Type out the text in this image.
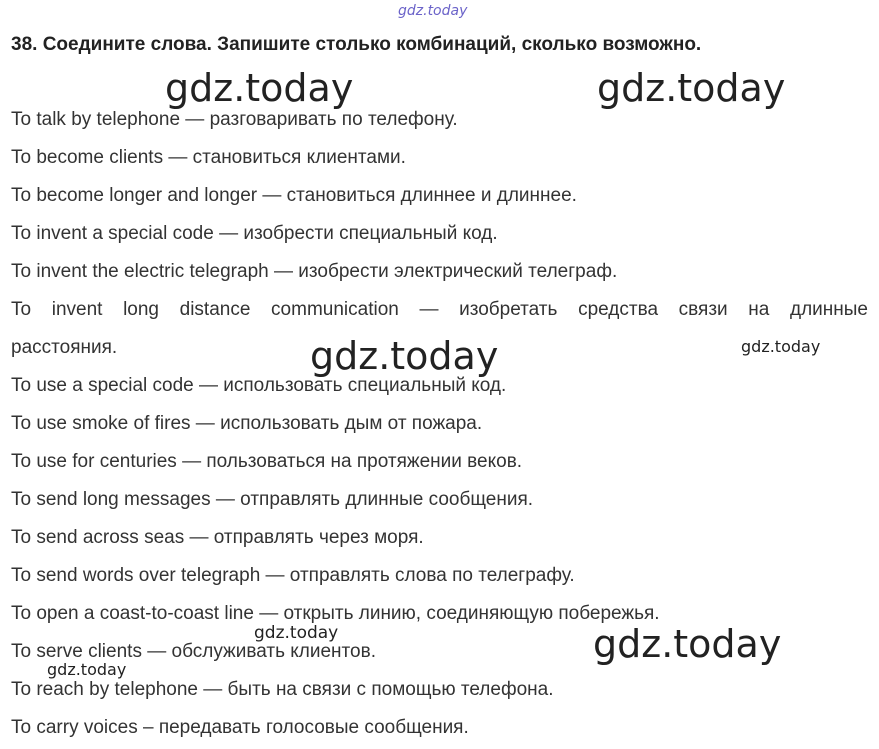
gdz.today
38. Соедините слова. Запишите столько комбинаций, сколько возможно.
gdz.today	gdz.today
To talk by telephone — разговаривать по телефону.
To become clients — становиться клиентами.
To become longer and longer — становиться длиннее и длиннее.
To invent a special code — изобрести специальный код.
To invent the electric telegraph — изобрести электрический телеграф.
To invent long distance communication — изобретать средства связи на длинные
расстояния.	gdz.today	gdz.today
To use a special code — использовать специальный код.
To use smoke of fires — использовать дым от пожара.
To use for centuries — пользоваться на протяжении веков.
To send long messages — отправлять длинные сообщения.
To send across seas — отправлять через моря.
To send words over telegraph — отправлять слова по телеграфу.
To open a coast-to-coast line — открыть линию, соединяющую побережья.
To serve clients — обслуживать клиентов.
To reach by telephone — быть на связи с помощью телефона.
To carry voices – передавать голосовые сообщения.
gdz.today
gdz.today
gdz.today
